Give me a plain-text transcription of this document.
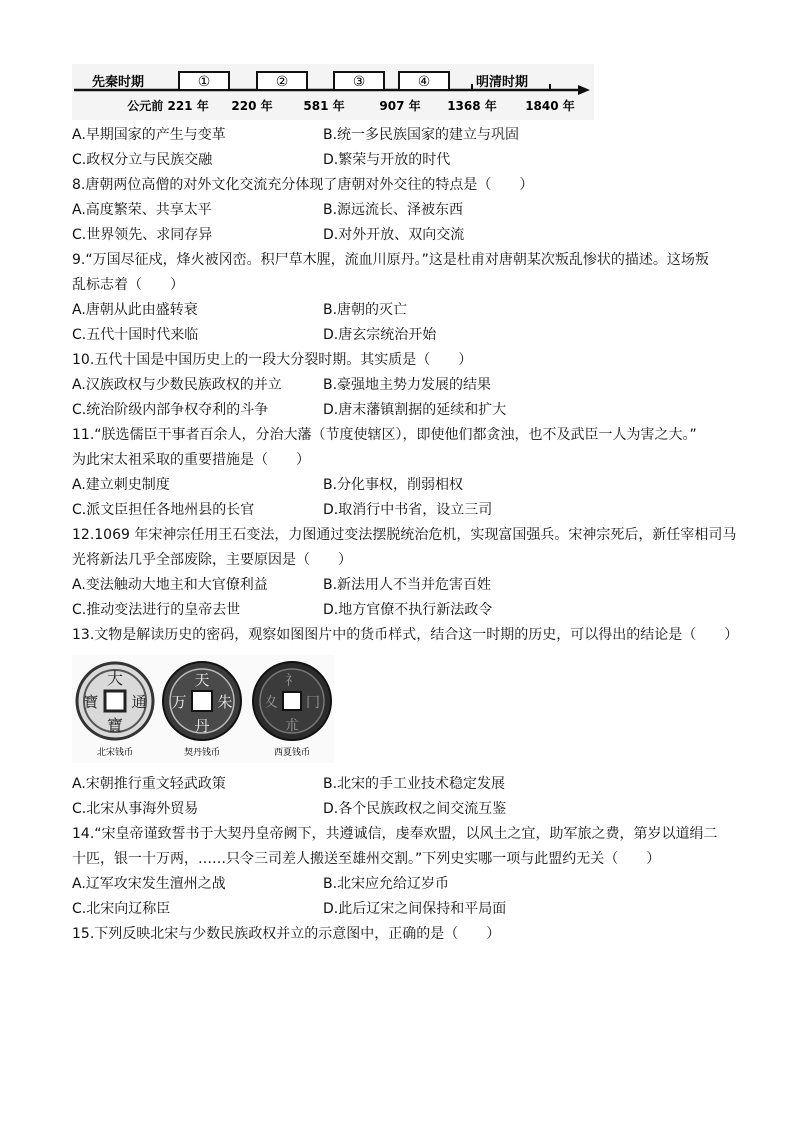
先秦时期	明清时期
①	②	③	④
公元前 221 年 220 年	581 年	907 年 1368 年 1840 年
A.早期国家的产生与变革	B.统一多民族国家的建立与巩固
C.政权分立与民族交融	D.繁荣与开放的时代
8.唐朝两位高僧的对外文化交流充分体现了唐朝对外交往的特点是（　　）
A.高度繁荣、共享太平	B.源远流长、泽被东西
C.世界领先、求同存异	D.对外开放、双向交流
9.“万国尽征戍，烽火被冈峦。积尸草木腥，流血川原丹。”这是杜甫对唐朝某次叛乱惨状的描述。这场叛
乱标志着（　　）
A.唐朝从此由盛转衰	B.唐朝的灭亡
C.五代十国时代来临	D.唐玄宗统治开始
10.五代十国是中国历史上的一段大分裂时期。其实质是（　　）
A.汉族政权与少数民族政权的并立	B.豪强地主势力发展的结果
C.统治阶级内部争权夺利的斗争	D.唐末藩镇割据的延续和扩大
11.“朕选儒臣干事者百余人，分治大藩（节度使辖区），即使他们都贪浊，也不及武臣一人为害之大。”
为此宋太祖采取的重要措施是（　　）
A.建立刺史制度	B.分化事权，削弱相权
C.派文臣担任各地州县的长官	D.取消行中书省，设立三司
12.1069 年宋神宗任用王石变法，力图通过变法摆脱统治危机，实现富国强兵。宋神宗死后，新任宰相司马
光将新法几乎全部废除，主要原因是（　　）
A.变法触动大地主和大官僚利益	B.新法用人不当并危害百姓
C.推动变法进行的皇帝去世	D.地方官僚不执行新法政令
13.文物是解读历史的密码，观察如图图片中的货币样式，结合这一时期的历史，可以得出的结论是（　　）
大
寶
寶 通
天
丹
万 朱
礻
朮
夊 冂
北宋钱币	契丹钱币	西夏钱币
A.宋朝推行重文轻武政策	B.北宋的手工业技术稳定发展
C.北宋从事海外贸易	D.各个民族政权之间交流互鉴
14.“宋皇帝谨致誓书于大契丹皇帝阙下，共遵诚信，虔奉欢盟，以风土之宜，助军旅之费，第岁以道绢二
十匹，银一十万两，……只令三司差人搬送至雄州交割。”下列史实哪一项与此盟约无关（　　）
A.辽军攻宋发生澶州之战	B.北宋应允给辽岁币
C.北宋向辽称臣	D.此后辽宋之间保持和平局面
15.下列反映北宋与少数民族政权并立的示意图中，正确的是（　　）
